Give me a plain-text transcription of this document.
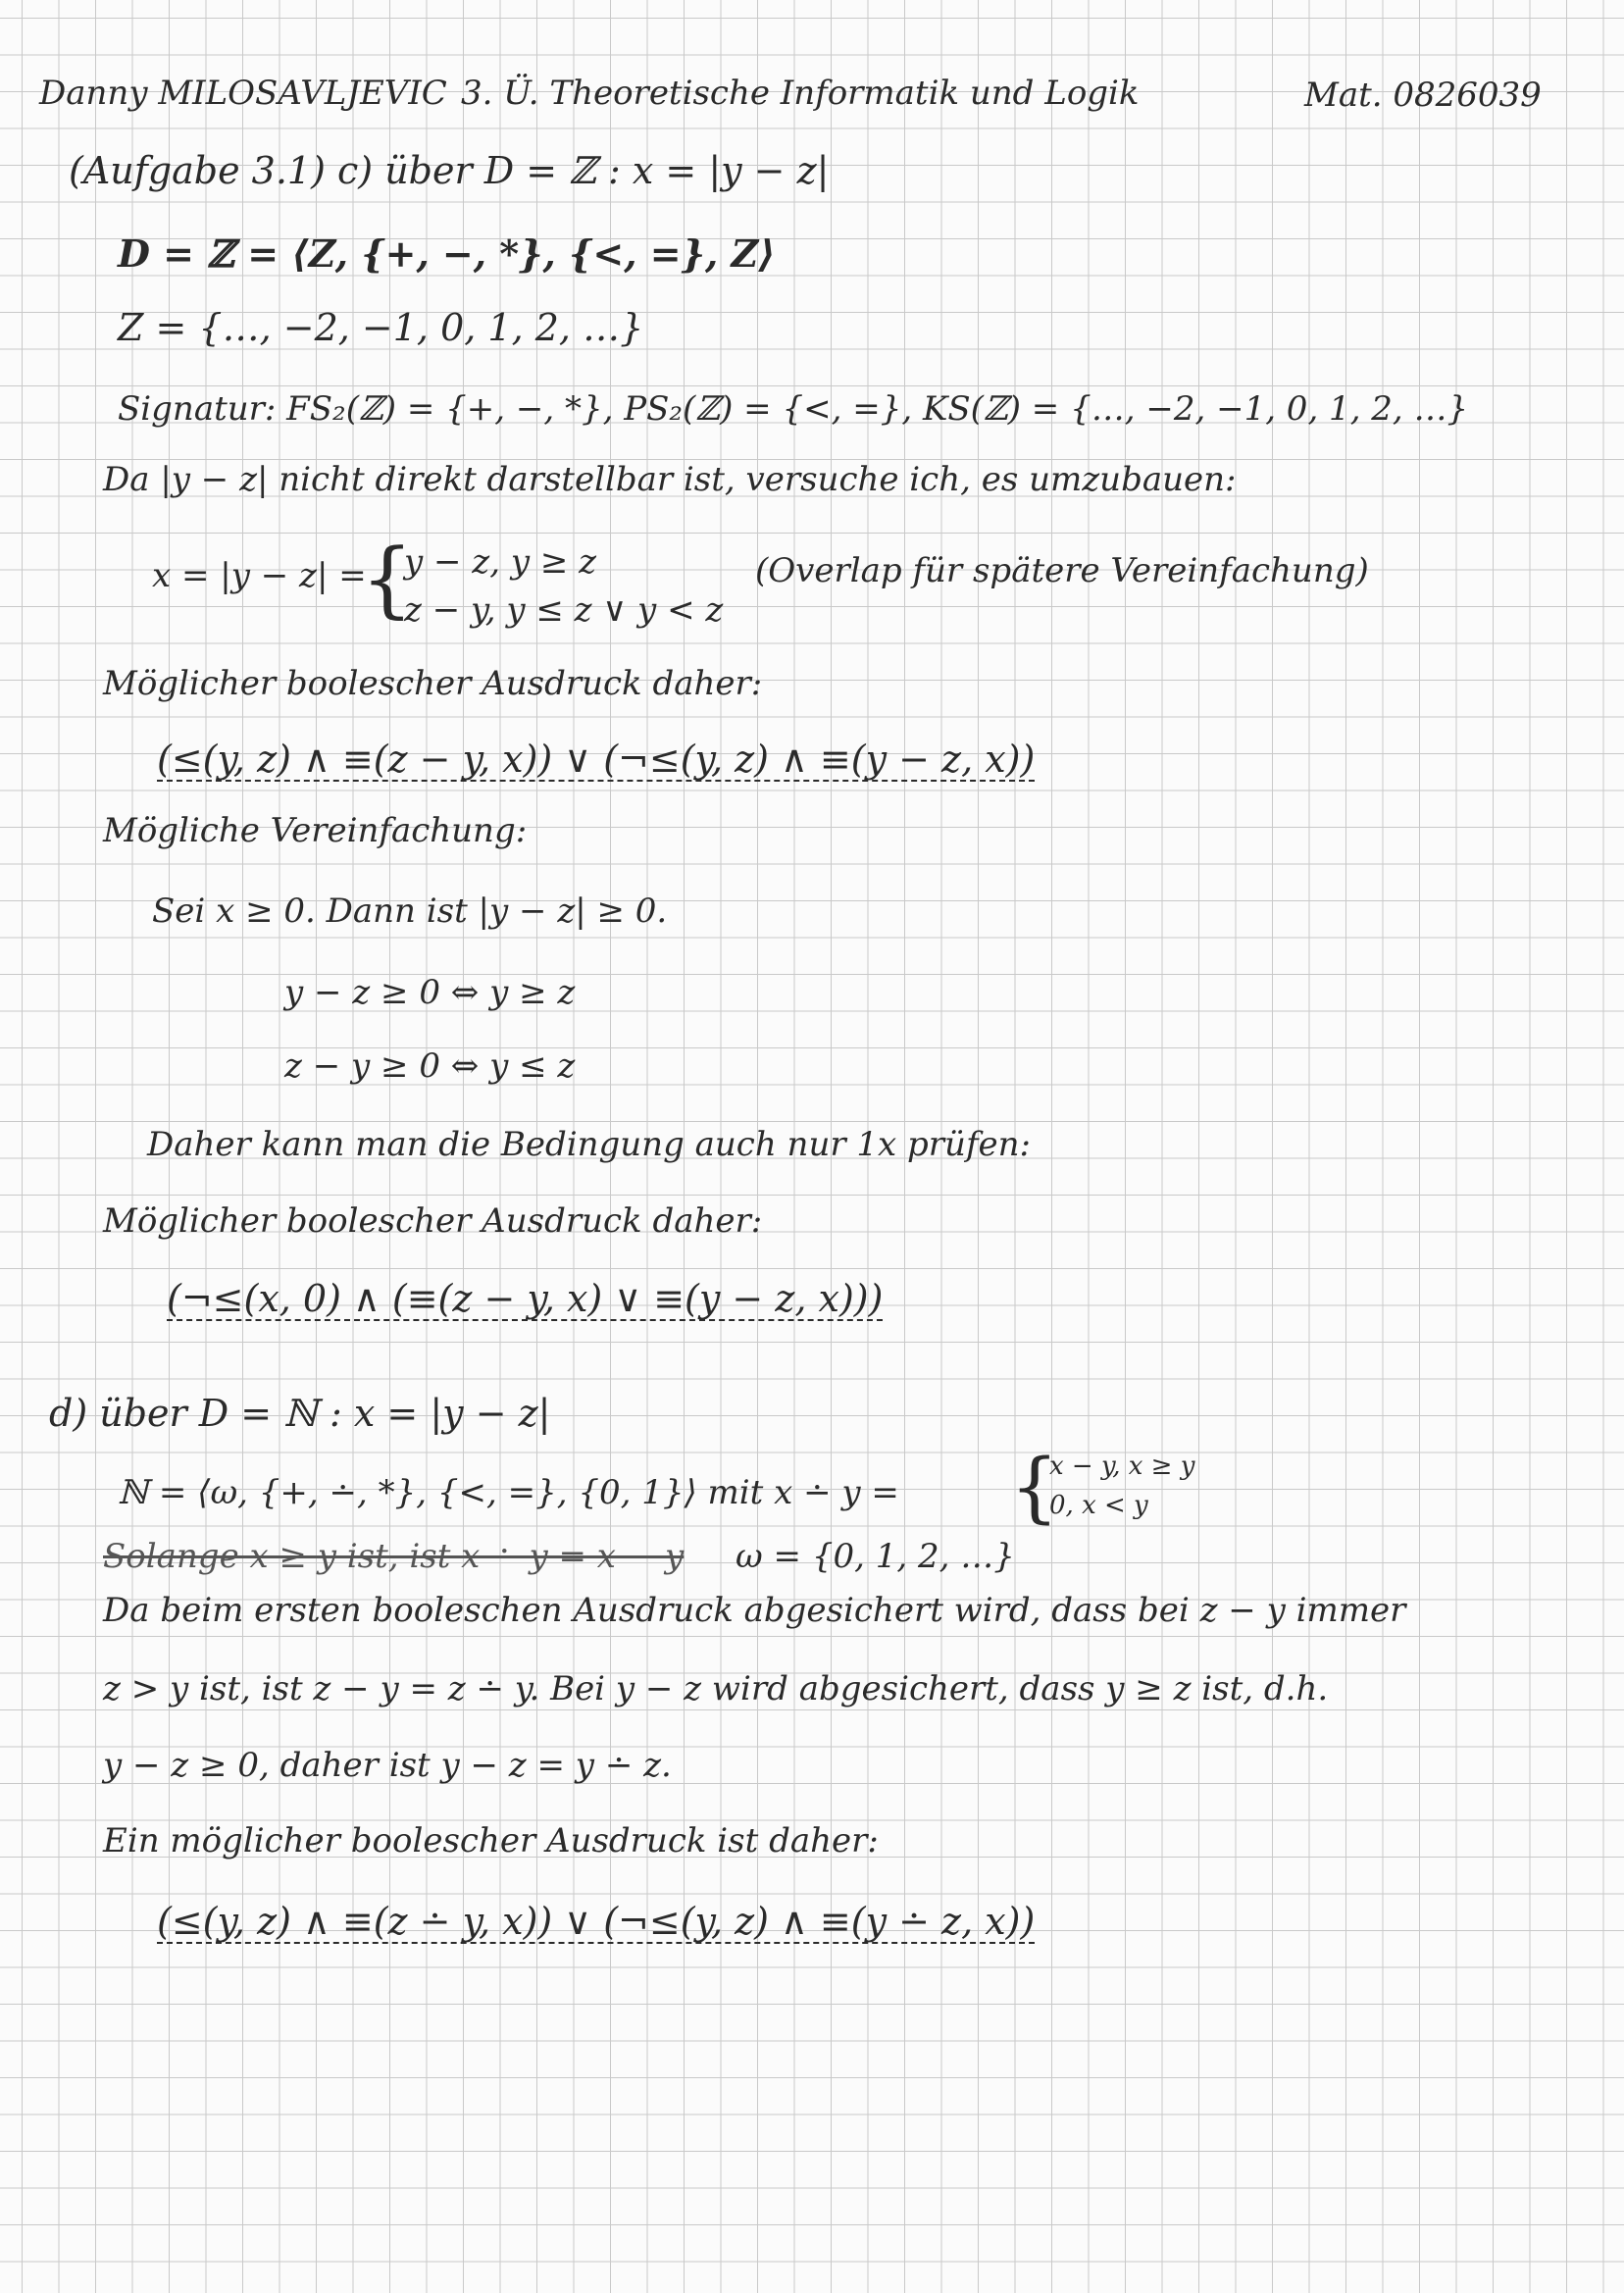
Danny MILOSAVLJEVIC 3. Ü. Theoretische Informatik und Logik	Mat. 0826039
(Aufgabe 3.1) c) über D = ℤ : x = |y − z|
D = ℤ = ⟨Z, {+, −, *}, {<, =}, Z⟩
Z = {…, −2, −1, 0, 1, 2, …}
Signatur: FS₂(ℤ) = {+, −, *}, PS₂(ℤ) = {<, =}, KS(ℤ) = {…, −2, −1, 0, 1, 2, …}
Da |y − z| nicht direkt darstellbar ist, versuche ich, es umzubauen:
x = |y − z| =
{
y − z, y ≥ z
z − y, y ≤ z ∨ y < z
(Overlap für spätere Vereinfachung)
Möglicher boolescher Ausdruck daher:
(≤(y, z) ∧ ≡(z − y, x)) ∨ (¬≤(y, z) ∧ ≡(y − z, x))
Mögliche Vereinfachung:
Sei x ≥ 0. Dann ist |y − z| ≥ 0.
y − z ≥ 0 ⇔ y ≥ z
z − y ≥ 0 ⇔ y ≤ z
Daher kann man die Bedingung auch nur 1x prüfen:
Möglicher boolescher Ausdruck daher:
(¬≤(x, 0) ∧ (≡(z − y, x) ∨ ≡(y − z, x)))
d) über D = ℕ : x = |y − z|
ℕ = ⟨ω, {+, ∸, *}, {<, =}, {0, 1}⟩ mit x ∸ y = {
x − y, x ≥ y
0, x < y
Solange x ≥ y ist, ist x ∸ y = x − y ω = {0, 1, 2, …}
Da beim ersten booleschen Ausdruck abgesichert wird, dass bei z − y immer
z > y ist, ist z − y = z ∸ y. Bei y − z wird abgesichert, dass y ≥ z ist, d.h.
y − z ≥ 0, daher ist y − z = y ∸ z.
Ein möglicher boolescher Ausdruck ist daher:
(≤(y, z) ∧ ≡(z ∸ y, x)) ∨ (¬≤(y, z) ∧ ≡(y ∸ z, x))
